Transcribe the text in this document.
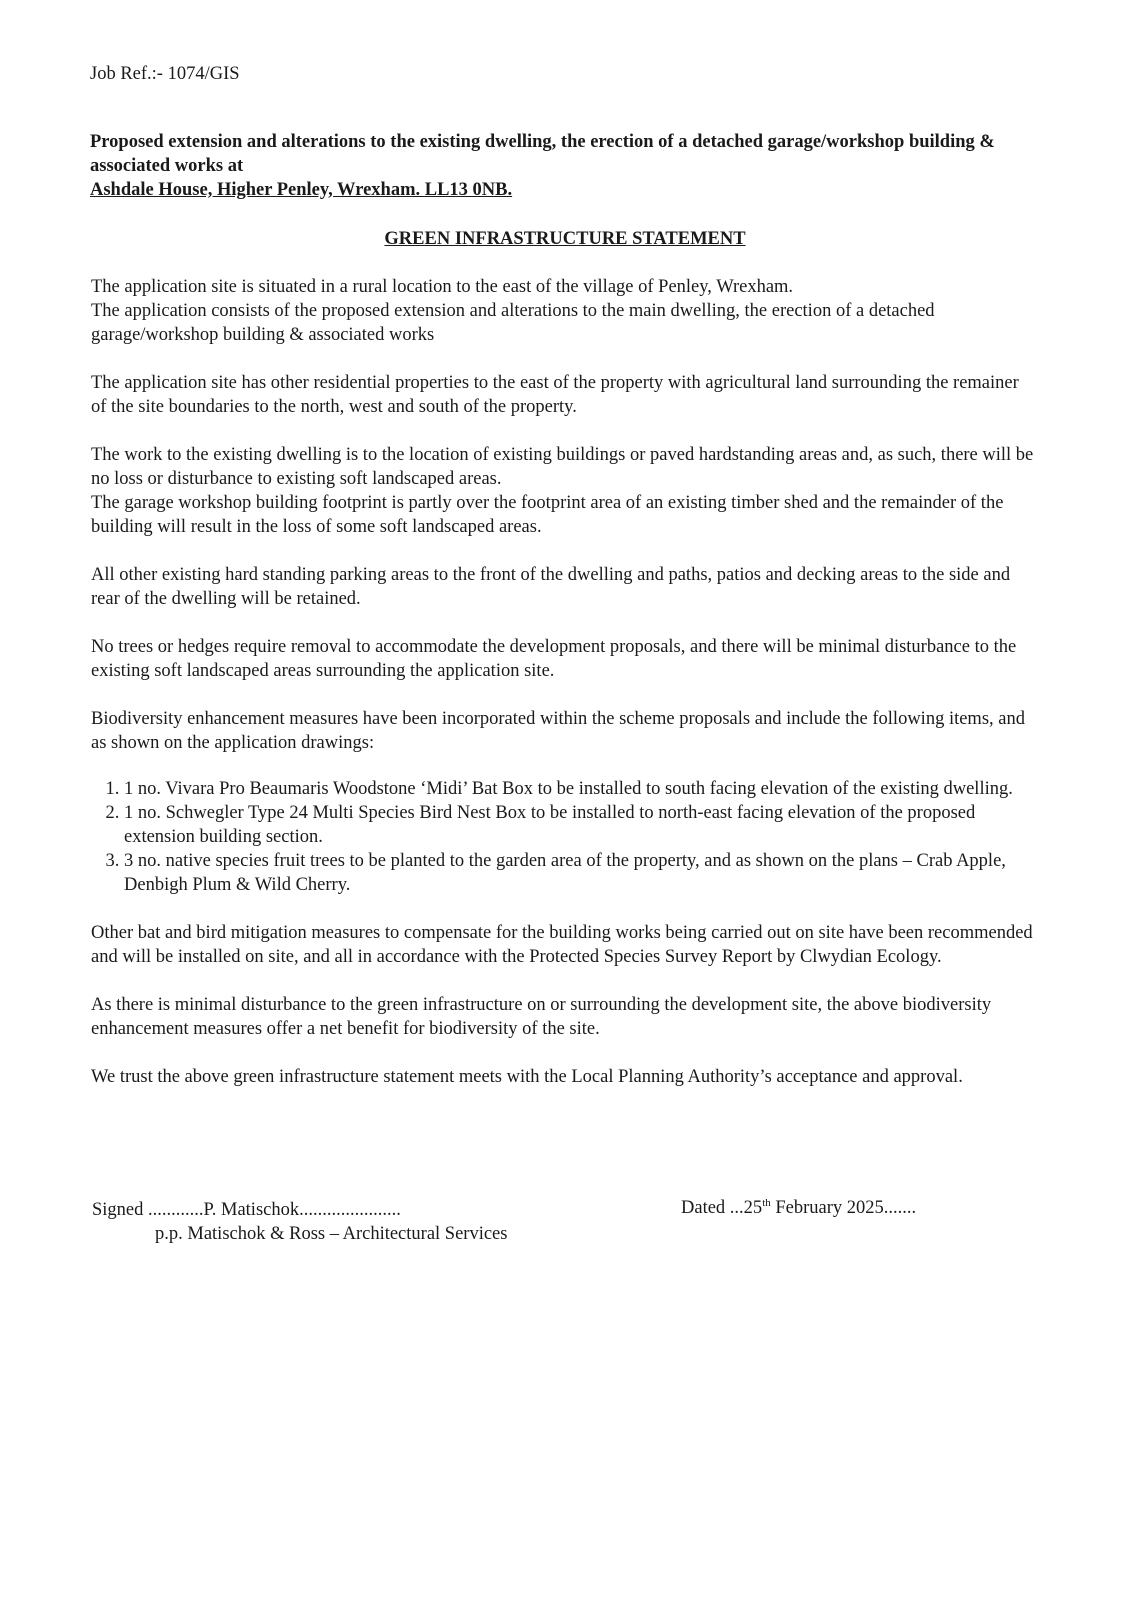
Job Ref.:- 1074/GIS
Proposed extension and alterations to the existing dwelling, the erection of a detached garage/workshop building & associated works at
Ashdale House, Higher Penley, Wrexham. LL13 0NB.
GREEN INFRASTRUCTURE STATEMENT

The application site is situated in a rural location to the east of the village of Penley, Wrexham.
The application consists of the proposed extension and alterations to the main dwelling, the erection of a detached garage/workshop building & associated works

The application site has other residential properties to the east of the property with agricultural land surrounding the remainer of the site boundaries to the north, west and south of the property.

The work to the existing dwelling is to the location of existing buildings or paved hardstanding areas and, as such, there will be no loss or disturbance to existing soft landscaped areas.
The garage workshop building footprint is partly over the footprint area of an existing timber shed and the remainder of the building will result in the loss of some soft landscaped areas.

All other existing hard standing parking areas to the front of the dwelling and paths, patios and decking areas to the side and rear of the dwelling will be retained.

No trees or hedges require removal to accommodate the development proposals, and there will be minimal disturbance to the existing soft landscaped areas surrounding the application site.

Biodiversity enhancement measures have been incorporated within the scheme proposals and include the following items, and as shown on the application drawings:

1. 1 no. Vivara Pro Beaumaris Woodstone ‘Midi’ Bat Box to be installed to south facing elevation of the existing dwelling.
2. 1 no. Schwegler Type 24 Multi Species Bird Nest Box to be installed to north-east facing elevation of the proposed extension building section.
3. 3 no. native species fruit trees to be planted to the garden area of the property, and as shown on the plans – Crab Apple, Denbigh Plum & Wild Cherry.

Other bat and bird mitigation measures to compensate for the building works being carried out on site have been recommended and will be installed on site, and all in accordance with the Protected Species Survey Report by Clwydian Ecology.

As there is minimal disturbance to the green infrastructure on or surrounding the development site, the above biodiversity enhancement measures offer a net benefit for biodiversity of the site.

We trust the above green infrastructure statement meets with the Local Planning Authority’s acceptance and approval.

Signed ............P. Matischok......................
p.p. Matischok & Ross – Architectural Services
Dated ...25th February 2025.......
